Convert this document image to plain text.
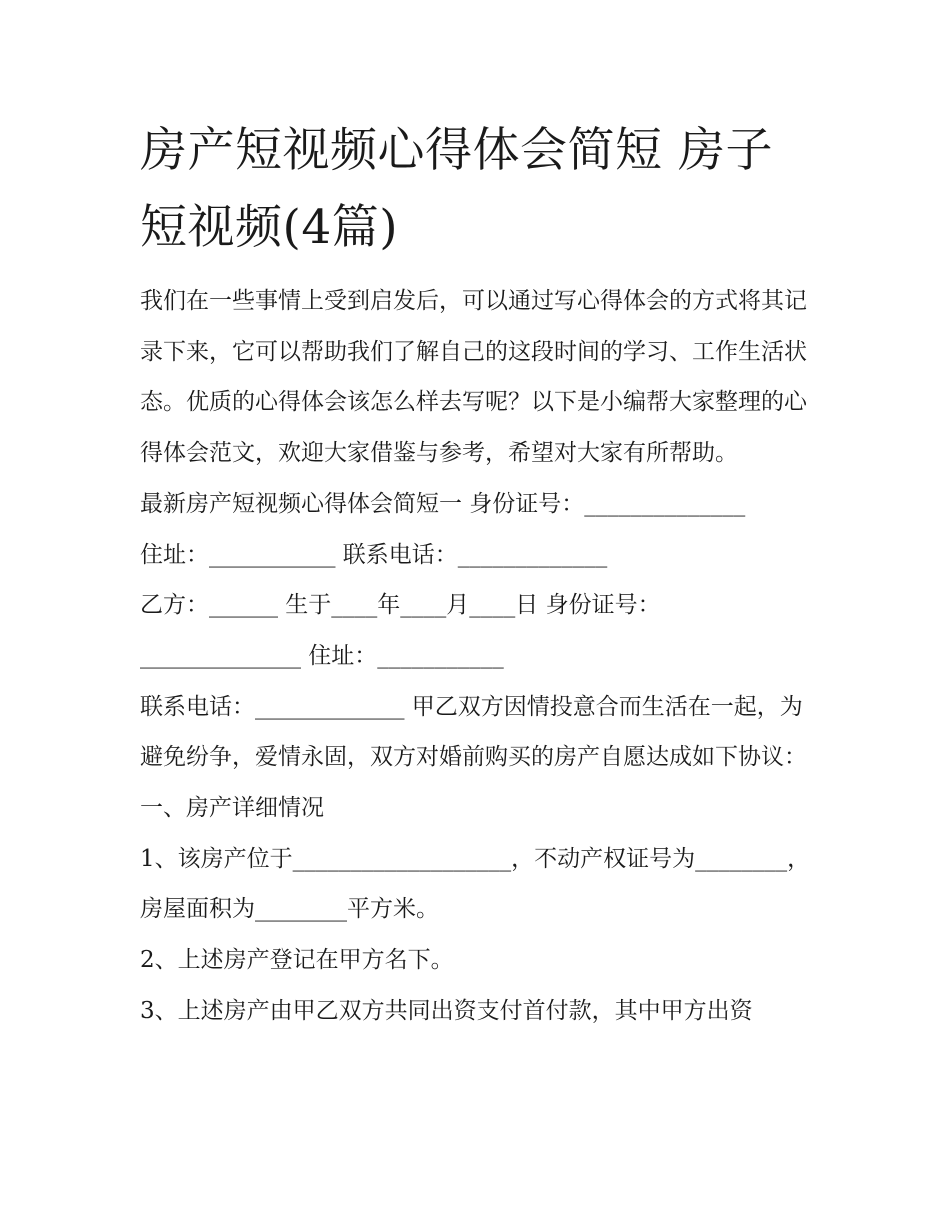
房产短视频心得体会简短 房子短视频(4篇)

我们在一些事情上受到启发后，可以通过写心得体会的方式将其记录下来，它可以帮助我们了解自己的这段时间的学习、工作生活状态。优质的心得体会该怎么样去写呢？以下是小编帮大家整理的心得体会范文，欢迎大家借鉴与参考，希望对大家有所帮助。

最新房产短视频心得体会简短一 身份证号：______________

住址：___________ 联系电话：_____________

乙方：______ 生于____年____月____日 身份证号：______________ 住址：___________

联系电话：_____________ 甲乙双方因情投意合而生活在一起，为避免纷争，爱情永固，双方对婚前购买的房产自愿达成如下协议： 一、房产详细情况

1、该房产位于___________________，不动产权证号为________，房屋面积为________平方米。

2、上述房产登记在甲方名下。

3、上述房产由甲乙双方共同出资支付首付款，其中甲方出资
